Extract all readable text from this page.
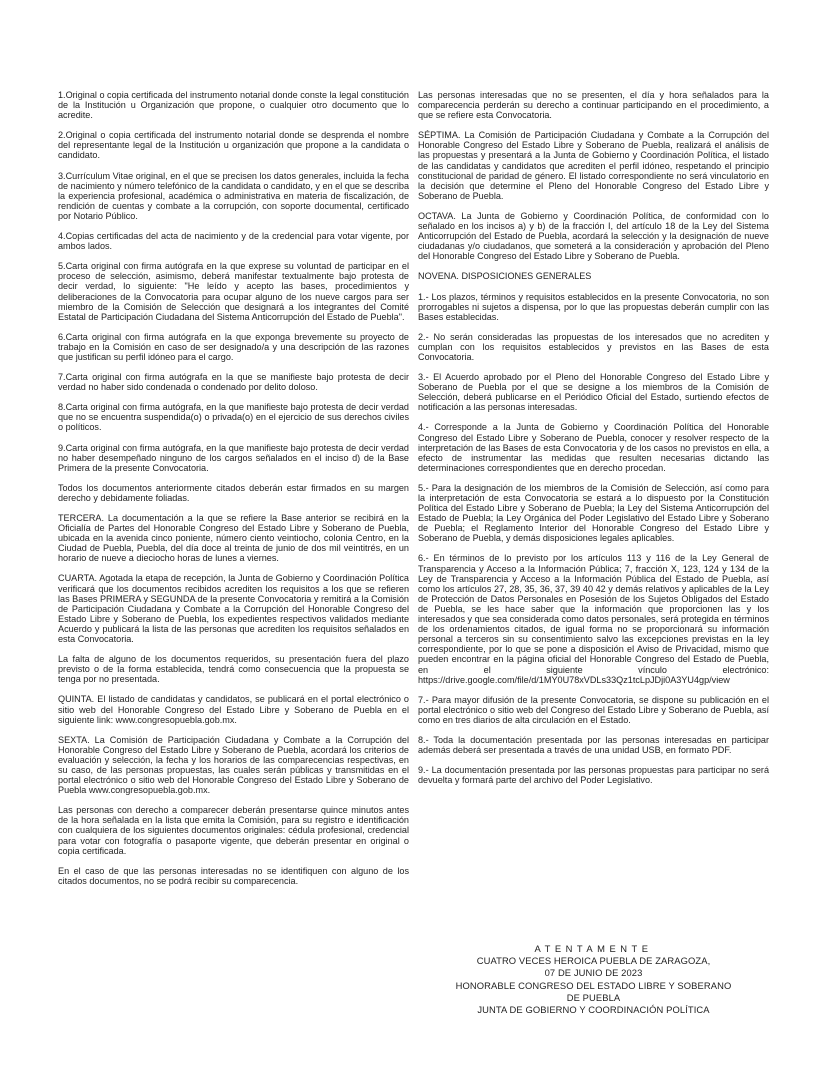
1.Original o copia certificada del instrumento notarial donde conste la legal constitución de la Institución u Organización que propone, o cualquier otro documento que lo acredite.

2.Original o copia certificada del instrumento notarial donde se desprenda el nombre del representante legal de la Institución u organización que propone a la candidata o candidato.

3.Currículum Vitae original, en el que se precisen los datos generales, incluida la fecha de nacimiento y número telefónico de la candidata o candidato, y en el que se describa la experiencia profesional, académica o administrativa en materia de fiscalización, de rendición de cuentas y combate a la corrupción, con soporte documental, certificado por Notario Público.

4.Copias certificadas del acta de nacimiento y de la credencial para votar vigente, por ambos lados.

5.Carta original con firma autógrafa en la que exprese su voluntad de participar en el proceso de selección, asimismo, deberá manifestar textualmente bajo protesta de decir verdad, lo siguiente: "He leído y acepto las bases, procedimientos y deliberaciones de la Convocatoria para ocupar alguno de los nueve cargos para ser miembro de la Comisión de Selección que designará a los integrantes del Comité Estatal de Participación Ciudadana del Sistema Anticorrupción del Estado de Puebla".

6.Carta original con firma autógrafa en la que exponga brevemente su proyecto de trabajo en la Comisión en caso de ser designado/a y una descripción de las razones que justifican su perfil idóneo para el cargo.

7.Carta original con firma autógrafa en la que se manifieste bajo protesta de decir verdad no haber sido condenada o condenado por delito doloso.

8.Carta original con firma autógrafa, en la que manifieste bajo protesta de decir verdad que no se encuentra suspendida(o) o privada(o) en el ejercicio de sus derechos civiles o políticos.

9.Carta original con firma autógrafa, en la que manifieste bajo protesta de decir verdad no haber desempeñado ninguno de los cargos señalados en el inciso d) de la Base Primera de la presente Convocatoria.

Todos los documentos anteriormente citados deberán estar firmados en su margen derecho y debidamente foliadas.

TERCERA. La documentación a la que se refiere la Base anterior se recibirá en la Oficialía de Partes del Honorable Congreso del Estado Libre y Soberano de Puebla, ubicada en la avenida cinco poniente, número ciento veintiocho, colonia Centro, en la Ciudad de Puebla, Puebla, del día doce al treinta de junio de dos mil veintitrés, en un horario de nueve a dieciocho horas de lunes a viernes.

CUARTA. Agotada la etapa de recepción, la Junta de Gobierno y Coordinación Política verificará que los documentos recibidos acrediten los requisitos a los que se refieren las Bases PRIMERA y SEGUNDA de la presente Convocatoria y remitirá a la Comisión de Participación Ciudadana y Combate a la Corrupción del Honorable Congreso del Estado Libre y Soberano de Puebla, los expedientes respectivos validados mediante Acuerdo y publicará la lista de las personas que acrediten los requisitos señalados en esta Convocatoria.

La falta de alguno de los documentos requeridos, su presentación fuera del plazo previsto o de la forma establecida, tendrá como consecuencia que la propuesta se tenga por no presentada.

QUINTA. El listado de candidatas y candidatos, se publicará en el portal electrónico o sitio web del Honorable Congreso del Estado Libre y Soberano de Puebla en el siguiente link: www.congresopuebla.gob.mx.

SEXTA. La Comisión de Participación Ciudadana y Combate a la Corrupción del Honorable Congreso del Estado Libre y Soberano de Puebla, acordará los criterios de evaluación y selección, la fecha y los horarios de las comparecencias respectivas, en su caso, de las personas propuestas, las cuales serán públicas y transmitidas en el portal electrónico o sitio web del Honorable Congreso del Estado Libre y Soberano de Puebla www.congresopuebla.gob.mx.

Las personas con derecho a comparecer deberán presentarse quince minutos antes de la hora señalada en la lista que emita la Comisión, para su registro e identificación con cualquiera de los siguientes documentos originales: cédula profesional, credencial para votar con fotografía o pasaporte vigente, que deberán presentar en original o copia certificada.

En el caso de que las personas interesadas no se identifiquen con alguno de los citados documentos, no se podrá recibir su comparecencia.

Las personas interesadas que no se presenten, el día y hora señalados para la comparecencia perderán su derecho a continuar participando en el procedimiento, a que se refiere esta Convocatoria.

SÉPTIMA. La Comisión de Participación Ciudadana y Combate a la Corrupción del Honorable Congreso del Estado Libre y Soberano de Puebla, realizará el análisis de las propuestas y presentará a la Junta de Gobierno y Coordinación Política, el listado de las candidatas y candidatos que acrediten el perfil idóneo, respetando el principio constitucional de paridad de género. El listado correspondiente no será vinculatorio en la decisión que determine el Pleno del Honorable Congreso del Estado Libre y Soberano de Puebla.

OCTAVA. La Junta de Gobierno y Coordinación Política, de conformidad con lo señalado en los incisos a) y b) de la fracción I, del artículo 18 de la Ley del Sistema Anticorrupción del Estado de Puebla, acordará la selección y la designación de nueve ciudadanas y/o ciudadanos, que someterá a la consideración y aprobación del Pleno del Honorable Congreso del Estado Libre y Soberano de Puebla.

NOVENA. DISPOSICIONES GENERALES

1.- Los plazos, términos y requisitos establecidos en la presente Convocatoria, no son prorrogables ni sujetos a dispensa, por lo que las propuestas deberán cumplir con las Bases establecidas.

2.- No serán consideradas las propuestas de los interesados que no acrediten y cumplan con los requisitos establecidos y previstos en las Bases de esta Convocatoria.

3.- El Acuerdo aprobado por el Pleno del Honorable Congreso del Estado Libre y Soberano de Puebla por el que se designe a los miembros de la Comisión de Selección, deberá publicarse en el Periódico Oficial del Estado, surtiendo efectos de notificación a las personas interesadas.

4.- Corresponde a la Junta de Gobierno y Coordinación Política del Honorable Congreso del Estado Libre y Soberano de Puebla, conocer y resolver respecto de la interpretación de las Bases de esta Convocatoria y de los casos no previstos en ella, a efecto de instrumentar las medidas que resulten necesarias dictando las determinaciones correspondientes que en derecho procedan.

5.- Para la designación de los miembros de la Comisión de Selección, así como para la interpretación de esta Convocatoria se estará a lo dispuesto por la Constitución Política del Estado Libre y Soberano de Puebla; la Ley del Sistema Anticorrupción del Estado de Puebla; la Ley Orgánica del Poder Legislativo del Estado Libre y Soberano de Puebla; el Reglamento Interior del Honorable Congreso del Estado Libre y Soberano de Puebla, y demás disposiciones legales aplicables.

6.- En términos de lo previsto por los artículos 113 y 116 de la Ley General de Transparencia y Acceso a la Información Pública; 7, fracción X, 123, 124 y 134 de la Ley de Transparencia y Acceso a la Información Pública del Estado de Puebla, así como los artículos 27, 28, 35, 36, 37, 39 40 42 y demás relativos y aplicables de la Ley de Protección de Datos Personales en Posesión de los Sujetos Obligados del Estado de Puebla, se les hace saber que la información que proporcionen las y los interesados y que sea considerada como datos personales, será protegida en términos de los ordenamientos citados, de igual forma no se proporcionará su información personal a terceros sin su consentimiento salvo las excepciones previstas en la ley correspondiente, por lo que se pone a disposición el Aviso de Privacidad, mismo que pueden encontrar en la página oficial del Honorable Congreso del Estado de Puebla, en el siguiente vínculo electrónico: https://drive.google.com/file/d/1MY0U78xVDLs33Qz1tcLpJDji0A3YU4gp/view

7.- Para mayor difusión de la presente Convocatoria, se dispone su publicación en el portal electrónico o sitio web del Congreso del Estado Libre y Soberano de Puebla, así como en tres diarios de alta circulación en el Estado.

8.- Toda la documentación presentada por las personas interesadas en participar además deberá ser presentada a través de una unidad USB, en formato PDF.

9.- La documentación presentada por las personas propuestas para participar no será devuelta y formará parte del archivo del Poder Legislativo.

ATENTAMENTE
CUATRO VECES HEROICA PUEBLA DE ZARAGOZA,
07 DE JUNIO DE 2023
HONORABLE CONGRESO DEL ESTADO LIBRE Y SOBERANO
DE PUEBLA
JUNTA DE GOBIERNO Y COORDINACIÓN POLÍTICA
